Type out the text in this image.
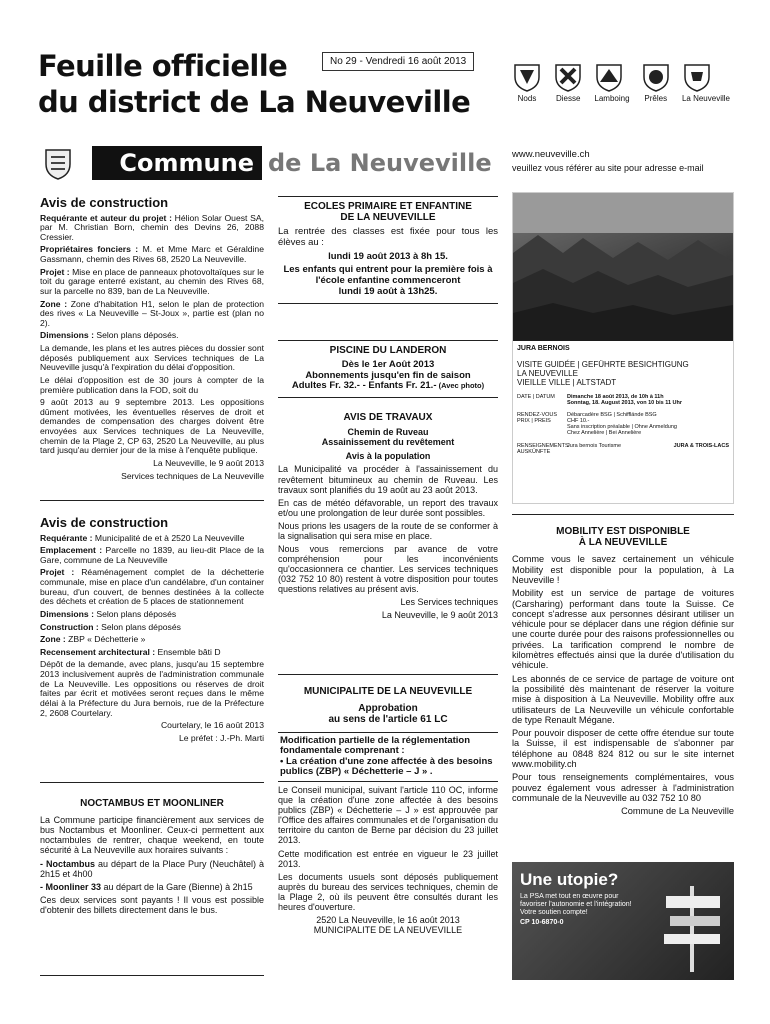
Feuille officielle
du district de La Neuveville
No 29 - Vendredi 16 août 2013
Nods	Diesse	Lamboing	Prêles	La Neuveville
Commune de La Neuveville www.neuveville.ch
veuillez vous référer au site pour adresse e-mail
Avis de construction

Requérante et auteur du projet : Hélion Solar Ouest SA, par M. Christian Born, chemin des Devins 26, 2088 Cressier.

Propriétaires fonciers : M. et Mme Marc et Géraldine Gassmann, chemin des Rives 68, 2520 La Neuveville.

Projet : Mise en place de panneaux photovoltaïques sur le toit du garage enterré existant, au chemin des Rives 68, sur la parcelle no 839, ban de La Neuveville.

Zone : Zone d'habitation H1, selon le plan de protection des rives « La Neuveville – St-Joux », partie est (plan no 2).

Dimensions : Selon plans déposés.

La demande, les plans et les autres pièces du dossier sont déposés publiquement aux Services techniques de La Neuveville jusqu'à l'expiration du délai d'opposition.

Le délai d'opposition est de 30 jours à compter de la première publication dans la FOD, soit du

9 août 2013 au 9 septembre 2013. Les oppositions dûment motivées, les éventuelles réserves de droit et demandes de compensation des charges doivent être envoyées aux Services techniques de La Neuveville, chemin de la Plage 2, CP 63, 2520 La Neuveville, au plus tard jusqu'au dernier jour de la mise à l'enquête publique.

La Neuveville, le 9 août 2013

Services techniques de La Neuveville

Avis de construction

Requérante : Municipalité de et à 2520 La Neuveville

Emplacement : Parcelle no 1839, au lieu-dit Place de la Gare, commune de La Neuveville

Projet : Réaménagement complet de la déchetterie communale, mise en place d'un candélabre, d'un container bureau, d'un couvert, de bennes destinées à la collecte des déchets et création de 5 places de stationnement

Dimensions : Selon plans déposés

Construction : Selon plans déposés

Zone : ZBP « Déchetterie »

Recensement architectural : Ensemble bâti D

Dépôt de la demande, avec plans, jusqu'au 15 septembre 2013 inclusivement auprès de l'administration communale de La Neuveville. Les oppositions ou réserves de droit faites par écrit et motivées seront reçues dans le même délai à la Préfecture du Jura bernois, rue de la Préfecture 2, 2608 Courtelary.

Courtelary, le 16 août 2013

Le préfet : J.-Ph. Marti

NOCTAMBUS ET MOONLINER

La Commune participe financièrement aux services de bus Noctambus et Moonliner. Ceux-ci permettent aux noctambules de rentrer, chaque weekend, en toute sécurité à La Neuveville aux horaires suivants :

- Noctambus au départ de la Place Pury (Neuchâtel) à 2h15 et 4h00

- Moonliner 33 au départ de la Gare (Bienne) à 2h15

Ces deux services sont payants ! Il vous est possible d'obtenir des billets directement dans le bus.

ECOLES PRIMAIRE ET ENFANTINE
DE LA NEUVEVILLE

La rentrée des classes est fixée pour tous les élèves au :

lundi 19 août 2013 à 8h 15.

Les enfants qui entrent pour la première fois à l'école enfantine commenceront

lundi 19 août à 13h25.

PISCINE DU LANDERON

Dès le 1er Août 2013

Abonnements jusqu'en fin de saison

Adultes Fr. 32.- - Enfants Fr. 21.- (Avec photo)

AVIS DE TRAVAUX

Chemin de Ruveau

Assainissement du revêtement

Avis à la population

La Municipalité va procéder à l'assainissement du revêtement bitumineux au chemin de Ruveau. Les travaux sont planifiés du 19 août au 23 août 2013.

En cas de météo défavorable, un report des travaux et/ou une prolongation de leur durée sont possibles.

Nous prions les usagers de la route de se conformer à la signalisation qui sera mise en place.

Nous vous remercions par avance de votre compréhension pour les inconvénients qu'occasionnera ce chantier. Les services techniques (032 752 10 80) restent à votre disposition pour toutes questions relatives au présent avis.

Les Services techniques

La Neuveville, le 9 août 2013

MUNICIPALITE DE LA NEUVEVILLE

Approbation

au sens de l'article 61 LC

Modification partielle de la réglementation fondamentale comprenant :

• La création d'une zone affectée à des besoins publics (ZBP) « Déchetterie – J » .

Le Conseil municipal, suivant l'article 110 OC, informe que la création d'une zone affectée à des besoins publics (ZBP) « Déchetterie – J » est approuvée par l'Office des affaires communales et de l'organisation du territoire du canton de Berne par décision du 23 juillet 2013.

Cette modification est entrée en vigueur le 23 juillet 2013.

Les documents usuels sont déposés publiquement auprès du bureau des services techniques, chemin de la Plage 2, où ils peuvent être consultés durant les heures d'ouverture.

2520 La Neuveville, le 16 août 2013

MUNICIPALITE DE LA NEUVEVILLE

JURA BERNOIS
VISITE GUIDÉE | GEFÜHRTE BESICHTIGUNG
LA NEUVEVILLE
VIEILLE VILLE | ALTSTADT
DATE | DATUM	Dimanche 18 août 2013, de 10h à 11h
Sonntag, 18. August 2013, von 10 bis 11 Uhr
RENDEZ-VOUS PRIX | PREIS
Débarcadère BSG | Schifflände BSG
CHF 10.-
Sans inscription préalable | Ohne Anmeldung
Chez Annelière | Bei Annelière
RENSEIGNEMENTS AUSKÜNFTE
Jura bernois Tourisme	JURA & TROIS-LACS
MOBILITY EST DISPONIBLE
À LA NEUVEVILLE

Comme vous le savez certainement un véhicule Mobility est disponible pour la population, à La Neuveville !

Mobility est un service de partage de voitures (Carsharing) performant dans toute la Suisse. Ce concept s'adresse aux personnes désirant utiliser un véhicule pour se déplacer dans une région définie sur une courte durée pour des raisons professionnelles ou privées. La tarification comprend le nombre de kilomètres effectués ainsi que la durée d'utilisation du véhicule.

Les abonnés de ce service de partage de voiture ont la possibilité dès maintenant de réserver la voiture mise à disposition à La Neuveville. Mobility offre aux utilisateurs de La Neuveville un véhicule confortable de type Renault Mégane.

Pour pouvoir disposer de cette offre étendue sur toute la Suisse, il est indispensable de s'abonner par téléphone au 0848 824 812 ou sur le site internet www.mobility.ch

Pour tous renseignements complémentaires, vous pouvez également vous adresser à l'administration communale de la Neuveville au 032 752 10 80

Commune de La Neuveville

Une utopie?
La PSA met tout en œuvre pour
favoriser l'autonomie et l'intégration!
Votre soutien compte!
CP 10-6870-0
